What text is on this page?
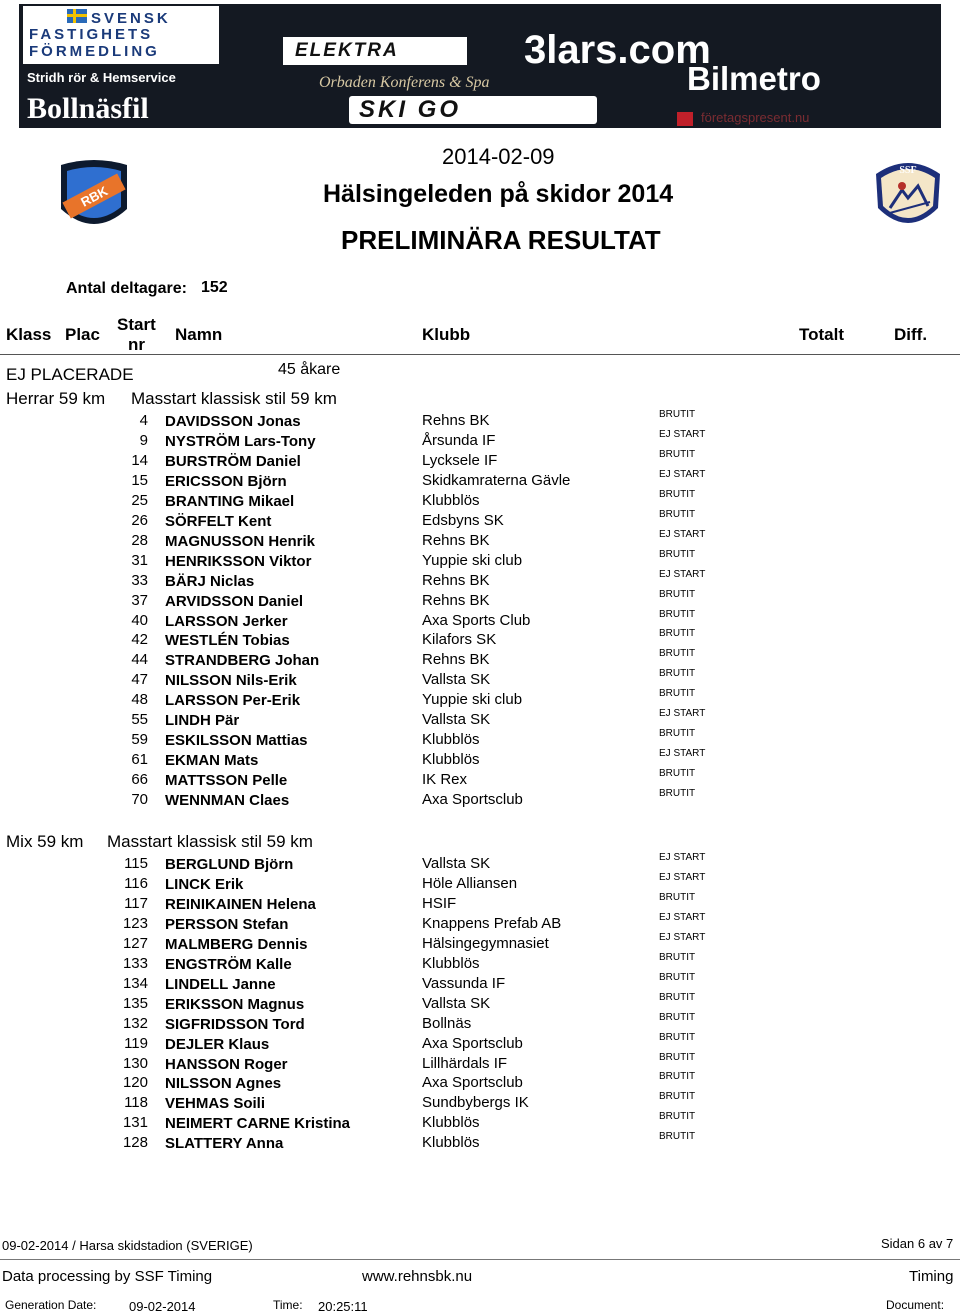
SVENSK
FASTIGHETS
FÖRMEDLING
Stridh rör & Hemservice
Bollnäsfil
ELEKTRA	3lars.com
Bilmetro
Orbaden Konferens & Spa
SKI GO	företagspresent.nu
RBK
SSF
2014-02-09
Hälsingeleden på skidor 2014
PRELIMINÄRA RESULTAT
Antal deltagare: 152
Klass Plac
Start
nr
Namn	Klubb	Totalt	Diff.
EJ PLACERADE	45 åkare
Herrar 59 km Masstart klassisk stil 59 km
4 DAVIDSSON Jonas	Rehns BK	BRUTIT
9 NYSTRÖM Lars-Tony	Årsunda IF	EJ START
14 BURSTRÖM Daniel	Lycksele IF	BRUTIT
15 ERICSSON Björn	Skidkamraterna Gävle	EJ START
25 BRANTING Mikael	Klubblös	BRUTIT
26 SÖRFELT Kent	Edsbyns SK	BRUTIT
28 MAGNUSSON Henrik	Rehns BK	EJ START
31 HENRIKSSON Viktor	Yuppie ski club	BRUTIT
33 BÄRJ Niclas	Rehns BK	EJ START
37 ARVIDSSON Daniel	Rehns BK	BRUTIT
40 LARSSON Jerker	Axa Sports Club	BRUTIT
42 WESTLÉN Tobias	Kilafors SK	BRUTIT
44 STRANDBERG Johan	Rehns BK	BRUTIT
47 NILSSON Nils-Erik	Vallsta SK	BRUTIT
48 LARSSON Per-Erik	Yuppie ski club	BRUTIT
55 LINDH Pär	Vallsta SK	EJ START
59 ESKILSSON Mattias	Klubblös	BRUTIT
61 EKMAN Mats	Klubblös	EJ START
66 MATTSSON Pelle	IK Rex	BRUTIT
70 WENNMAN Claes	Axa Sportsclub	BRUTIT
Mix 59 km Masstart klassisk stil 59 km
115 BERGLUND Björn	Vallsta SK	EJ START
116 LINCK Erik	Höle Alliansen	EJ START
117 REINIKAINEN Helena	HSIF	BRUTIT
123 PERSSON Stefan	Knappens Prefab AB	EJ START
127 MALMBERG Dennis	Hälsingegymnasiet	EJ START
133 ENGSTRÖM Kalle	Klubblös	BRUTIT
134 LINDELL Janne	Vassunda IF	BRUTIT
135 ERIKSSON Magnus	Vallsta SK	BRUTIT
132 SIGFRIDSSON Tord	Bollnäs	BRUTIT
119 DEJLER Klaus	Axa Sportsclub	BRUTIT
130 HANSSON Roger	Lillhärdals IF	BRUTIT
120 NILSSON Agnes	Axa Sportsclub	BRUTIT
118 VEHMAS Soili	Sundbybergs IK	BRUTIT
131 NEIMERT CARNE Kristina	Klubblös	BRUTIT
128 SLATTERY Anna	Klubblös	BRUTIT
09-02-2014 / Harsa skidstadion (SVERIGE)	Sidan 6 av 7
Data processing by SSF Timing	www.rehnsbk.nu	Timing
Generation Date:	09-02-2014	Time: 20:25:11	Document:
